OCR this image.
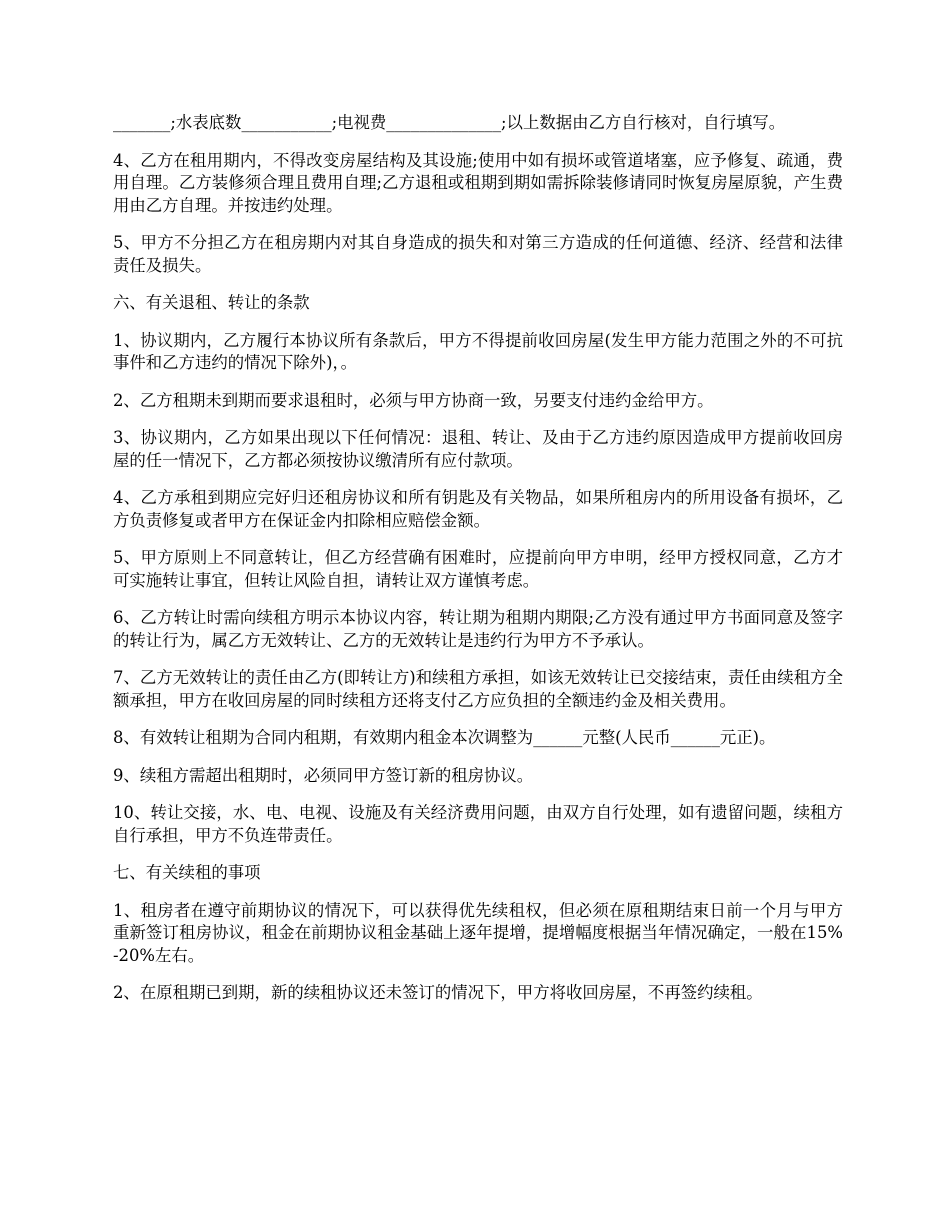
_______;水表底数___________;电视费______________;以上数据由乙方自行核对，自行填写。

4、乙方在租用期内，不得改变房屋结构及其设施;使用中如有损坏或管道堵塞，应予修复、疏通，费用自理。乙方装修须合理且费用自理;乙方退租或租期到期如需拆除装修请同时恢复房屋原貌，产生费用由乙方自理。并按违约处理。

5、甲方不分担乙方在租房期内对其自身造成的损失和对第三方造成的任何道德、经济、经营和法律责任及损失。

六、有关退租、转让的条款

1、协议期内，乙方履行本协议所有条款后，甲方不得提前收回房屋(发生甲方能力范围之外的不可抗事件和乙方违约的情况下除外)，。

2、乙方租期未到期而要求退租时，必须与甲方协商一致，另要支付违约金给甲方。

3、协议期内，乙方如果出现以下任何情况：退租、转让、及由于乙方违约原因造成甲方提前收回房屋的任一情况下，乙方都必须按协议缴清所有应付款项。

4、乙方承租到期应完好归还租房协议和所有钥匙及有关物品，如果所租房内的所用设备有损坏，乙方负责修复或者甲方在保证金内扣除相应赔偿金额。

5、甲方原则上不同意转让，但乙方经营确有困难时，应提前向甲方申明，经甲方授权同意，乙方才可实施转让事宜，但转让风险自担，请转让双方谨慎考虑。

6、乙方转让时需向续租方明示本协议内容，转让期为租期内期限;乙方没有通过甲方书面同意及签字的转让行为，属乙方无效转让、乙方的无效转让是违约行为甲方不予承认。

7、乙方无效转让的责任由乙方(即转让方)和续租方承担，如该无效转让已交接结束，责任由续租方全额承担，甲方在收回房屋的同时续租方还将支付乙方应负担的全额违约金及相关费用。

8、有效转让租期为合同内租期，有效期内租金本次调整为______元整(人民币______元正)。

9、续租方需超出租期时，必须同甲方签订新的租房协议。

10、转让交接，水、电、电视、设施及有关经济费用问题，由双方自行处理，如有遗留问题，续租方自行承担，甲方不负连带责任。

七、有关续租的事项

1、租房者在遵守前期协议的情况下，可以获得优先续租权，但必须在原租期结束日前一个月与甲方重新签订租房协议，租金在前期协议租金基础上逐年提增，提增幅度根据当年情况确定，一般在15%-20%左右。

2、在原租期已到期，新的续租协议还未签订的情况下，甲方将收回房屋，不再签约续租。
